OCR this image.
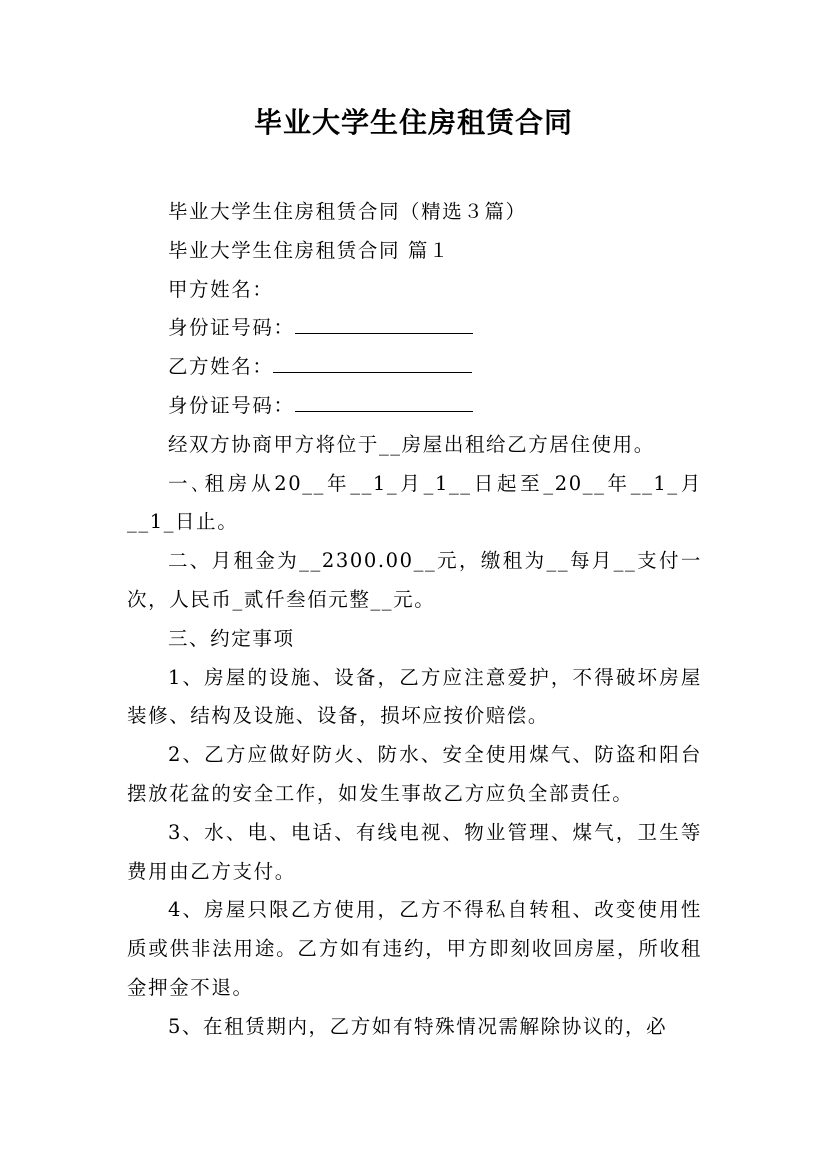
毕业大学生住房租赁合同

毕业大学生住房租赁合同（精选３篇）

毕业大学生住房租赁合同 篇１

甲方姓名：

身份证号码：

乙方姓名：

身份证号码：

经双方协商甲方将位于__房屋出租给乙方居住使用。

一､租房从20__年__1_月_1__日起至_20__年__1_月__1_日止。

二、月租金为__2300.00__元，缴租为__每月__支付一次，人民币_贰仟叁佰元整__元。

三、约定事项

1、房屋的设施、设备，乙方应注意爱护，不得破坏房屋装修、结构及设施、设备，损坏应按价赔偿。

2、乙方应做好防火、防水、安全使用煤气、防盗和阳台摆放花盆的安全工作，如发生事故乙方应负全部责任。

3、水、电、电话、有线电视、物业管理、煤气，卫生等费用由乙方支付。

4、房屋只限乙方使用，乙方不得私自转租、改变使用性质或供非法用途。乙方如有违约，甲方即刻收回房屋，所收租金押金不退。

5、在租赁期内，乙方如有特殊情况需解除协议的，必
